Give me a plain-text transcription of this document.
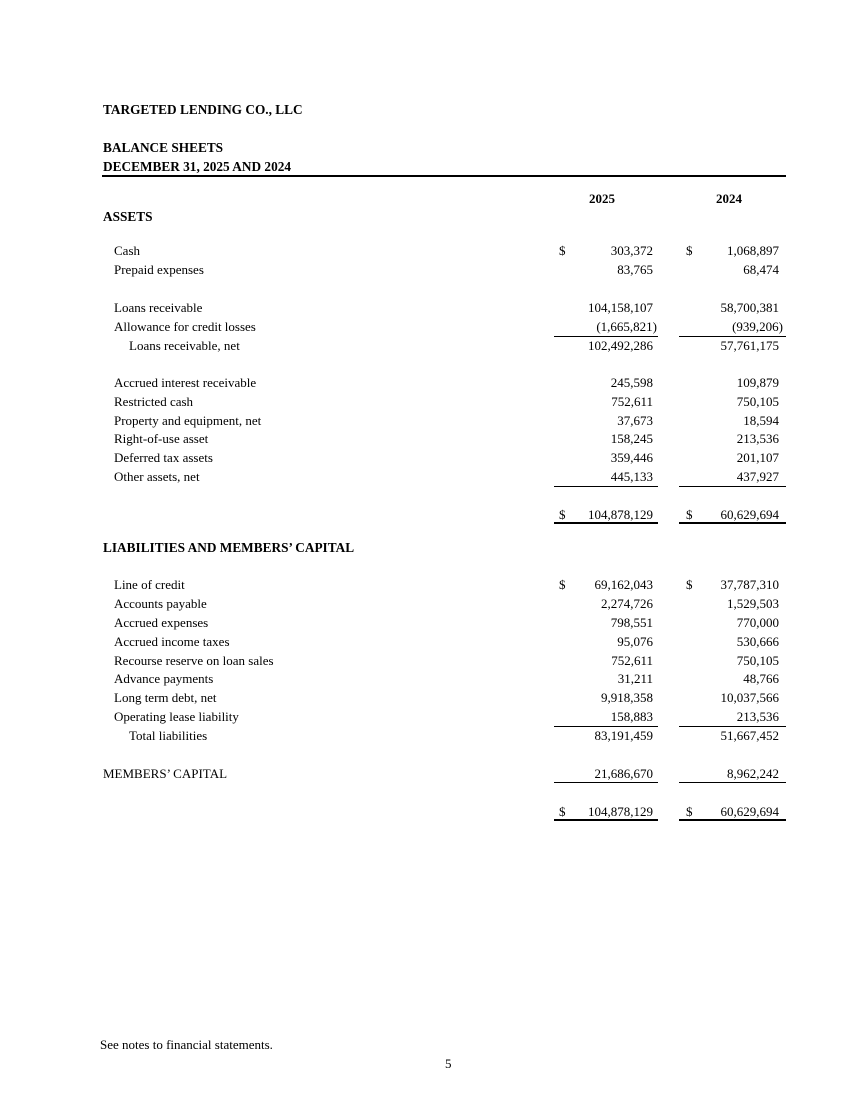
TARGETED LENDING CO., LLC
BALANCE SHEETS
DECEMBER 31, 2025 AND 2024
2025	2024
ASSETS
Cash	$	303,372	$	1,068,897
Prepaid expenses	83,765	68,474
Loans receivable	104,158,107	58,700,381
Allowance for credit losses	(1,665,821)	(939,206)
Loans receivable, net	102,492,286	57,761,175
Accrued interest receivable	245,598	109,879
Restricted cash	752,611	750,105
Property and equipment, net	37,673	18,594
Right-of-use asset	158,245	213,536
Deferred tax assets	359,446	201,107
Other assets, net	445,133	437,927
$ 104,878,129	$ 60,629,694
LIABILITIES AND MEMBERS’ CAPITAL
Line of credit	$ 69,162,043	$ 37,787,310
Accounts payable	2,274,726	1,529,503
Accrued expenses	798,551	770,000
Accrued income taxes	95,076	530,666
Recourse reserve on loan sales	752,611	750,105
Advance payments	31,211	48,766
Long term debt, net	9,918,358	10,037,566
Operating lease liability	158,883	213,536
Total liabilities	83,191,459	51,667,452
MEMBERS’ CAPITAL	21,686,670	8,962,242
$ 104,878,129	$ 60,629,694
See notes to financial statements.
5
